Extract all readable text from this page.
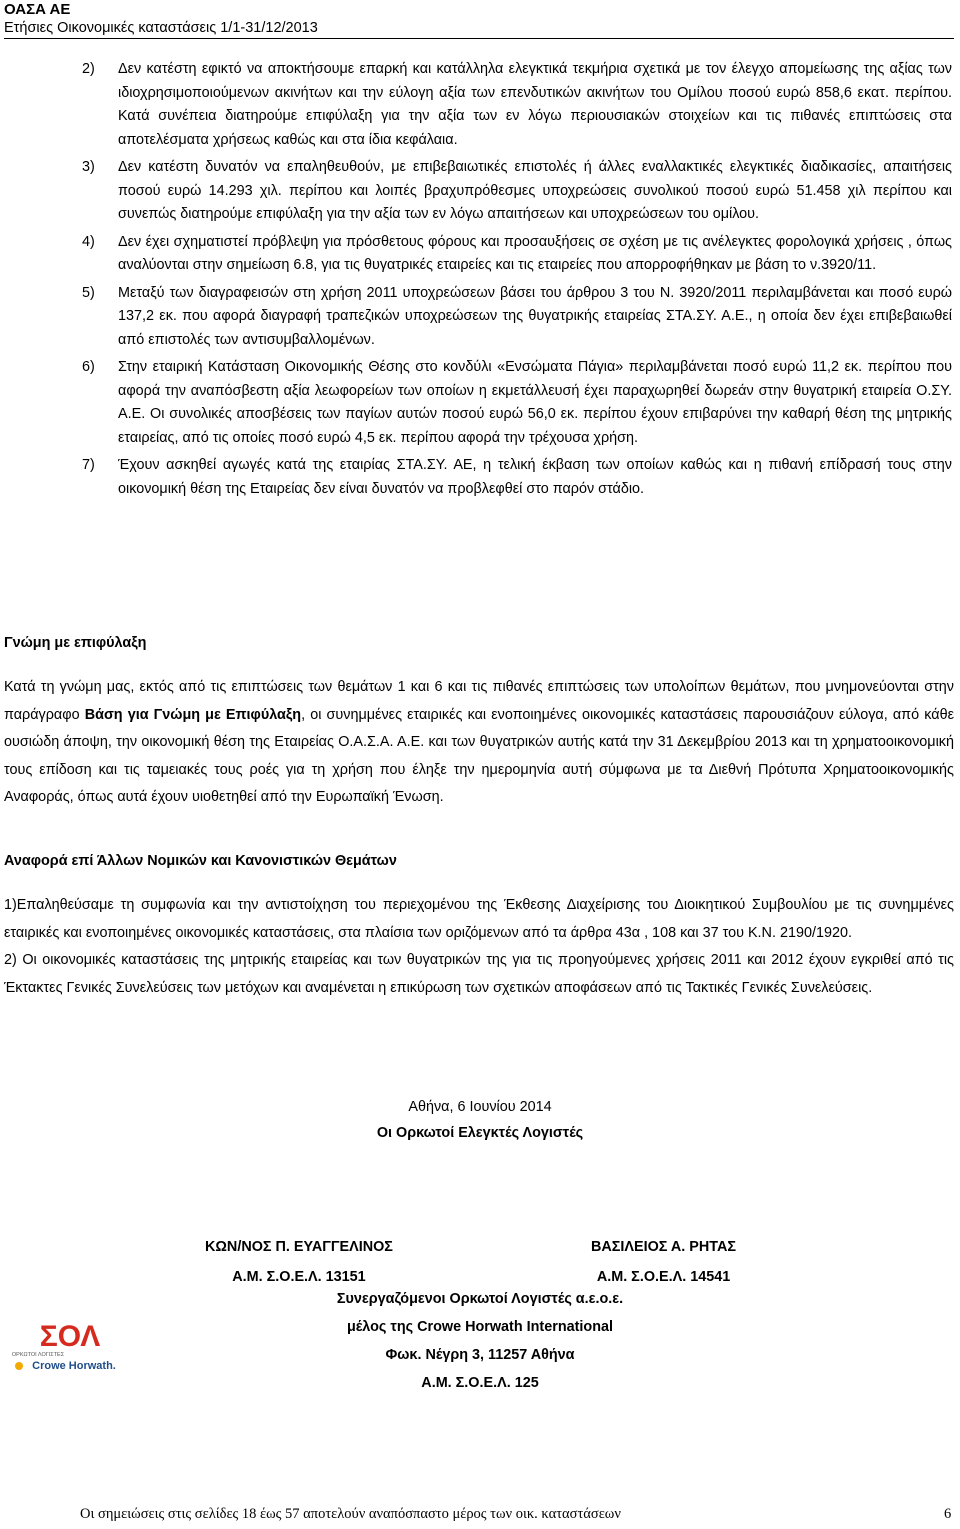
ΟΑΣΑ ΑΕ

Ετήσιες Οικονομικές καταστάσεις 1/1-31/12/2013

2)	Δεν κατέστη εφικτό να αποκτήσουμε επαρκή και κατάλληλα ελεγκτικά τεκμήρια σχετικά με τον έλεγχο απομείωσης της αξίας των ιδιοχρησιμοποιούμενων ακινήτων και την εύλογη αξία των επενδυτικών ακινήτων του Ομίλου ποσού ευρώ 858,6 εκατ. περίπου. Κατά συνέπεια διατηρούμε επιφύλαξη για την αξία των εν λόγω περιουσιακών στοιχείων και τις πιθανές επιπτώσεις στα αποτελέσματα χρήσεως καθώς και στα ίδια κεφάλαια.
3)	Δεν κατέστη δυνατόν να επαληθευθούν, με επιβεβαιωτικές επιστολές ή άλλες εναλλακτικές ελεγκτικές διαδικασίες, απαιτήσεις ποσού ευρώ 14.293 χιλ. περίπου και λοιπές βραχυπρόθεσμες υποχρεώσεις συνολικού ποσού ευρώ 51.458 χιλ περίπου και συνεπώς διατηρούμε επιφύλαξη για την αξία των εν λόγω απαιτήσεων και υποχρεώσεων του ομίλου.
4)	Δεν έχει σχηματιστεί πρόβλεψη για πρόσθετους φόρους και προσαυξήσεις σε σχέση με τις ανέλεγκτες φορολογικά χρήσεις , όπως αναλύονται στην σημείωση 6.8, για τις θυγατρικές εταιρείες και τις εταιρείες που απορροφήθηκαν με βάση το ν.3920/11.
5)	Μεταξύ των διαγραφεισών στη χρήση 2011 υποχρεώσεων βάσει του άρθρου 3 του Ν. 3920/2011 περιλαμβάνεται και ποσό ευρώ 137,2 εκ. που αφορά διαγραφή τραπεζικών υποχρεώσεων της θυγατρικής εταιρείας ΣΤΑ.ΣΥ. Α.Ε., η οποία δεν έχει επιβεβαιωθεί από επιστολές των αντισυμβαλλομένων.
6)	Στην εταιρική Κατάσταση Οικονομικής Θέσης στο κονδύλι «Ενσώματα Πάγια» περιλαμβάνεται ποσό ευρώ 11,2 εκ. περίπου που αφορά την αναπόσβεστη αξία λεωφορείων των οποίων η εκμετάλλευσή έχει παραχωρηθεί δωρεάν στην θυγατρική εταιρεία Ο.ΣΥ. Α.Ε. Οι συνολικές αποσβέσεις των παγίων αυτών ποσού ευρώ 56,0 εκ. περίπου έχουν επιβαρύνει την καθαρή θέση της μητρικής εταιρείας, από τις οποίες ποσό ευρώ 4,5 εκ. περίπου αφορά την τρέχουσα χρήση.
7)	Έχουν ασκηθεί αγωγές κατά της εταιρίας ΣΤΑ.ΣΥ. ΑΕ, η τελική έκβαση των οποίων καθώς και η πιθανή επίδρασή τους στην οικονομική θέση της Εταιρείας δεν είναι δυνατόν να προβλεφθεί στο παρόν στάδιο.

Γνώμη με επιφύλαξη

Κατά τη γνώμη μας, εκτός από τις επιπτώσεις των θεμάτων 1 και 6 και τις πιθανές επιπτώσεις των υπολοίπων θεμάτων, που μνημονεύονται στην παράγραφο Βάση για Γνώμη με Επιφύλαξη, οι συνημμένες εταιρικές και ενοποιημένες οικονομικές καταστάσεις παρουσιάζουν εύλογα, από κάθε ουσιώδη άποψη, την οικονομική θέση της Εταιρείας Ο.Α.Σ.Α. Α.Ε. και των θυγατρικών αυτής κατά την 31 Δεκεμβρίου 2013 και τη χρηματοοικονομική τους επίδοση και τις ταμειακές τους ροές για τη χρήση που έληξε την ημερομηνία αυτή σύμφωνα με τα Διεθνή Πρότυπα Χρηματοοικονομικής Αναφοράς, όπως αυτά έχουν υιοθετηθεί από την Ευρωπαϊκή Ένωση.

Αναφορά επί Άλλων Νομικών και Κανονιστικών Θεμάτων

1)Επαληθεύσαμε τη συμφωνία και την αντιστοίχηση του περιεχομένου της Έκθεσης Διαχείρισης του Διοικητικού Συμβουλίου με τις συνημμένες εταιρικές και ενοποιημένες οικονομικές καταστάσεις, στα πλαίσια των οριζόμενων από τα άρθρα 43α , 108 και 37 του Κ.Ν. 2190/1920.

2) Οι οικονομικές καταστάσεις της μητρικής εταιρείας και των θυγατρικών της για τις προηγούμενες χρήσεις 2011 και 2012 έχουν εγκριθεί από τις Έκτακτες Γενικές Συνελεύσεις των μετόχων και αναμένεται η επικύρωση των σχετικών αποφάσεων από τις Τακτικές Γενικές Συνελεύσεις.

Αθήνα, 6 Ιουνίου 2014

Οι Ορκωτοί Ελεγκτές Λογιστές

ΚΩΝ/ΝΟΣ Π. ΕΥΑΓΓΕΛΙΝΟΣ

Α.Μ. Σ.Ο.Ε.Λ. 13151

ΒΑΣΙΛΕΙΟΣ Α. ΡΗΤΑΣ

Α.Μ. Σ.Ο.Ε.Λ. 14541

Συνεργαζόμενοι Ορκωτοί Λογιστές α.ε.ο.ε.

μέλος της Crowe Horwath International

Φωκ. Νέγρη 3, 11257 Αθήνα

Α.Μ. Σ.Ο.Ε.Λ. 125

ΣΟΛ
ΟΡΚΩΤΟΙ ΛΟΓΙΣΤΕΣ
Crowe Horwath.
Οι σημειώσεις στις σελίδες 18 έως 57 αποτελούν αναπόσπαστο μέρος των οικ. καταστάσεων	6
